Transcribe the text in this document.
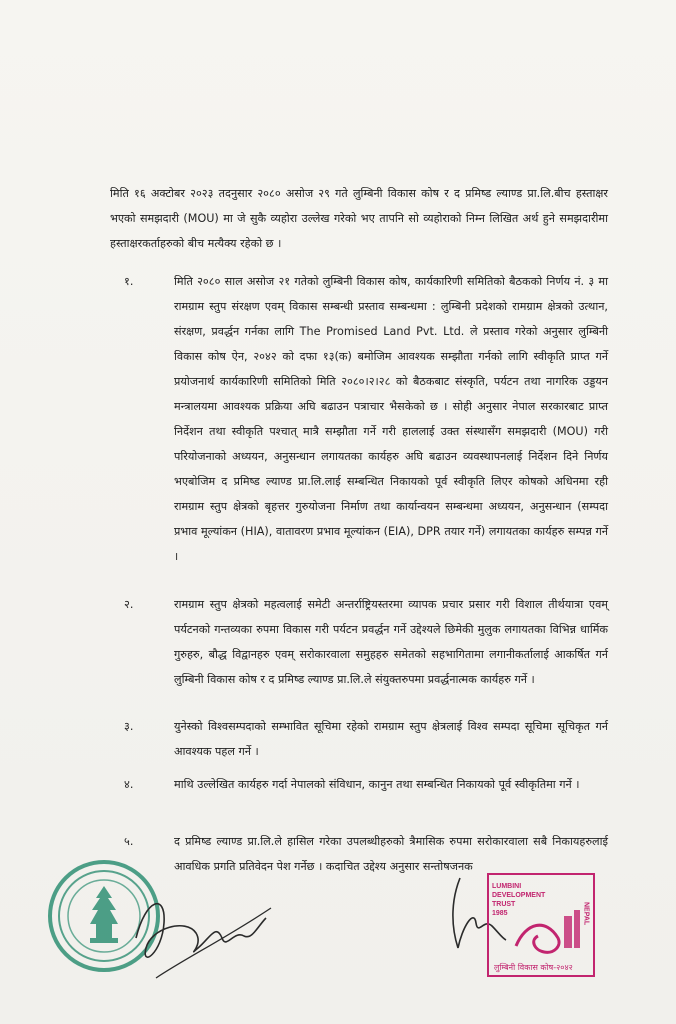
मिति १६ अक्टोबर २०२३ तदनुसार २०८० असोज २९ गते लुम्बिनी विकास कोष र द प्रमिष्ड ल्याण्ड प्रा.लि.बीच हस्ताक्षर भएको समझदारी (MOU) मा जे सुकै व्यहोरा उल्लेख गरेको भए तापनि सो व्यहोराको निम्न लिखित अर्थ हुने समझदारीमा हस्ताक्षरकर्ताहरुको बीच मत्यैक्य रहेको छ ।
१.	मिति २०८० साल असोज २१ गतेको लुम्बिनी विकास कोष, कार्यकारिणी समितिको बैठकको निर्णय नं. ३ मा रामग्राम स्तुप संरक्षण एवम् विकास सम्बन्धी प्रस्ताव सम्बन्धमा : लुम्बिनी प्रदेशको रामग्राम क्षेत्रको उत्थान, संरक्षण, प्रवर्द्धन गर्नका लागि The Promised Land Pvt. Ltd. ले प्रस्ताव गरेको अनुसार लुम्बिनी विकास कोष ऐन, २०४२ को दफा १३(क) बमोजिम आवश्यक सम्झौता गर्नको लागि स्वीकृति प्राप्त गर्ने प्रयोजनार्थ कार्यकारिणी समितिको मिति २०८०।२।२८ को बैठकबाट संस्कृति, पर्यटन तथा नागरिक उड्डयन मन्त्रालयमा आवश्यक प्रक्रिया अघि बढाउन पत्राचार भैसकेको छ । सोही अनुसार नेपाल सरकारबाट प्राप्त निर्देशन तथा स्वीकृति पश्चात् मात्रै सम्झौता गर्ने गरी हाललाई उक्त संस्थासँग समझदारी (MOU) गरी परियोजनाको अध्ययन, अनुसन्धान लगायतका कार्यहरु अघि बढाउन व्यवस्थापनलाई निर्देशन दिने निर्णय भएबोजिम द प्रमिष्ड ल्याण्ड प्रा.लि.लाई सम्बन्धित निकायको पूर्व स्वीकृति लिएर कोषको अधिनमा रही रामग्राम स्तुप क्षेत्रको बृहत्तर गुरुयोजना निर्माण तथा कार्यान्वयन सम्बन्धमा अध्ययन, अनुसन्धान (सम्पदा प्रभाव मूल्यांकन (HIA), वातावरण प्रभाव मूल्यांकन (EIA), DPR तयार गर्ने) लगायतका कार्यहरु सम्पन्न गर्ने ।
२.	रामग्राम स्तुप क्षेत्रको महत्वलाई समेटी अन्तर्राष्ट्रियस्तरमा व्यापक प्रचार प्रसार गरी विशाल तीर्थयात्रा एवम् पर्यटनको गन्तव्यका रुपमा विकास गरी पर्यटन प्रवर्द्धन गर्ने उद्देश्यले छिमेकी मुलुक लगायतका विभिन्न धार्मिक गुरुहरु, बौद्ध विद्वानहरु एवम् सरोकारवाला समुहहरु समेतको सहभागितामा लगानीकर्तालाई आकर्षित गर्न लुम्बिनी विकास कोष र द प्रमिष्ड ल्याण्ड प्रा.लि.ले संयुक्तरुपमा प्रवर्द्धनात्मक कार्यहरु गर्ने ।
३.	युनेस्को विश्वसम्पदाको सम्भावित सूचिमा रहेको रामग्राम स्तुप क्षेत्रलाई विश्व सम्पदा सूचिमा सूचिकृत गर्न आवश्यक पहल गर्ने ।
४.	माथि उल्लेखित कार्यहरु गर्दा नेपालको संविधान, कानुन तथा सम्बन्धित निकायको पूर्व स्वीकृतिमा गर्ने ।
५.	द प्रमिष्ड ल्याण्ड प्रा.लि.ले हासिल गरेका उपलब्धीहरुको त्रैमासिक रुपमा सरोकारवाला सबै निकायहरुलाई आवधिक प्रगति प्रतिवेदन पेश गर्नेछ । कदाचित उद्देश्य अनुसार सन्तोषजनक
LUMBINI
DEVELOPMENT
TRUST
1985	NEPAL
लुम्बिनी विकास कोष-२०४२
